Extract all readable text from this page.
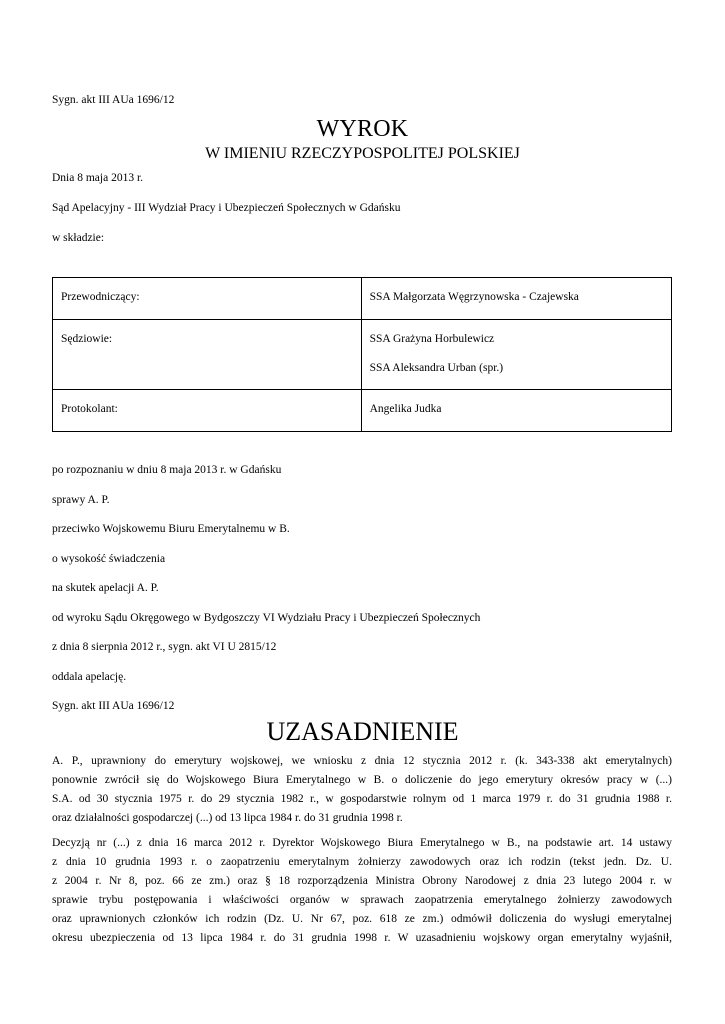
Sygn. akt III AUa 1696/12
WYROK
W IMIENIU RZECZYPOSPOLITEJ POLSKIEJ
Dnia 8 maja 2013 r.
Sąd Apelacyjny - III Wydział Pracy i Ubezpieczeń Społecznych w Gdańsku
w składzie:
Przewodniczący:	SSA Małgorzata Węgrzynowska - Czajewska
Sędziowie:	SSA Grażyna Horbulewicz
SSA Aleksandra Urban (spr.)

Protokolant:	Angelika Judka
po rozpoznaniu w dniu 8 maja 2013 r. w Gdańsku
sprawy A. P.
przeciwko Wojskowemu Biuru Emerytalnemu w B.
o wysokość świadczenia
na skutek apelacji A. P.
od wyroku Sądu Okręgowego w Bydgoszczy VI Wydziału Pracy i Ubezpieczeń Społecznych
z dnia 8 sierpnia 2012 r., sygn. akt VI U 2815/12
oddala apelację.
Sygn. akt III AUa 1696/12
UZASADNIENIE
A. P., uprawniony do emerytury wojskowej, we wniosku z dnia 12 stycznia 2012 r. (k. 343-338 akt emerytalnych)
ponownie zwrócił się do Wojskowego Biura Emerytalnego w B. o doliczenie do jego emerytury okresów pracy w (...)
S.A. od 30 stycznia 1975 r. do 29 stycznia 1982 r., w gospodarstwie rolnym od 1 marca 1979 r. do 31 grudnia 1988 r.
oraz działalności gospodarczej (...) od 13 lipca 1984 r. do 31 grudnia 1998 r.
Decyzją nr (...) z dnia 16 marca 2012 r. Dyrektor Wojskowego Biura Emerytalnego w B., na podstawie art. 14 ustawy
z dnia 10 grudnia 1993 r. o zaopatrzeniu emerytalnym żołnierzy zawodowych oraz ich rodzin (tekst jedn. Dz. U.
z 2004 r. Nr 8, poz. 66 ze zm.) oraz § 18 rozporządzenia Ministra Obrony Narodowej z dnia 23 lutego 2004 r. w
sprawie trybu postępowania i właściwości organów w sprawach zaopatrzenia emerytalnego żołnierzy zawodowych
oraz uprawnionych członków ich rodzin (Dz. U. Nr 67, poz. 618 ze zm.) odmówił doliczenia do wysługi emerytalnej
okresu ubezpieczenia od 13 lipca 1984 r. do 31 grudnia 1998 r. W uzasadnieniu wojskowy organ emerytalny wyjaśnił,
